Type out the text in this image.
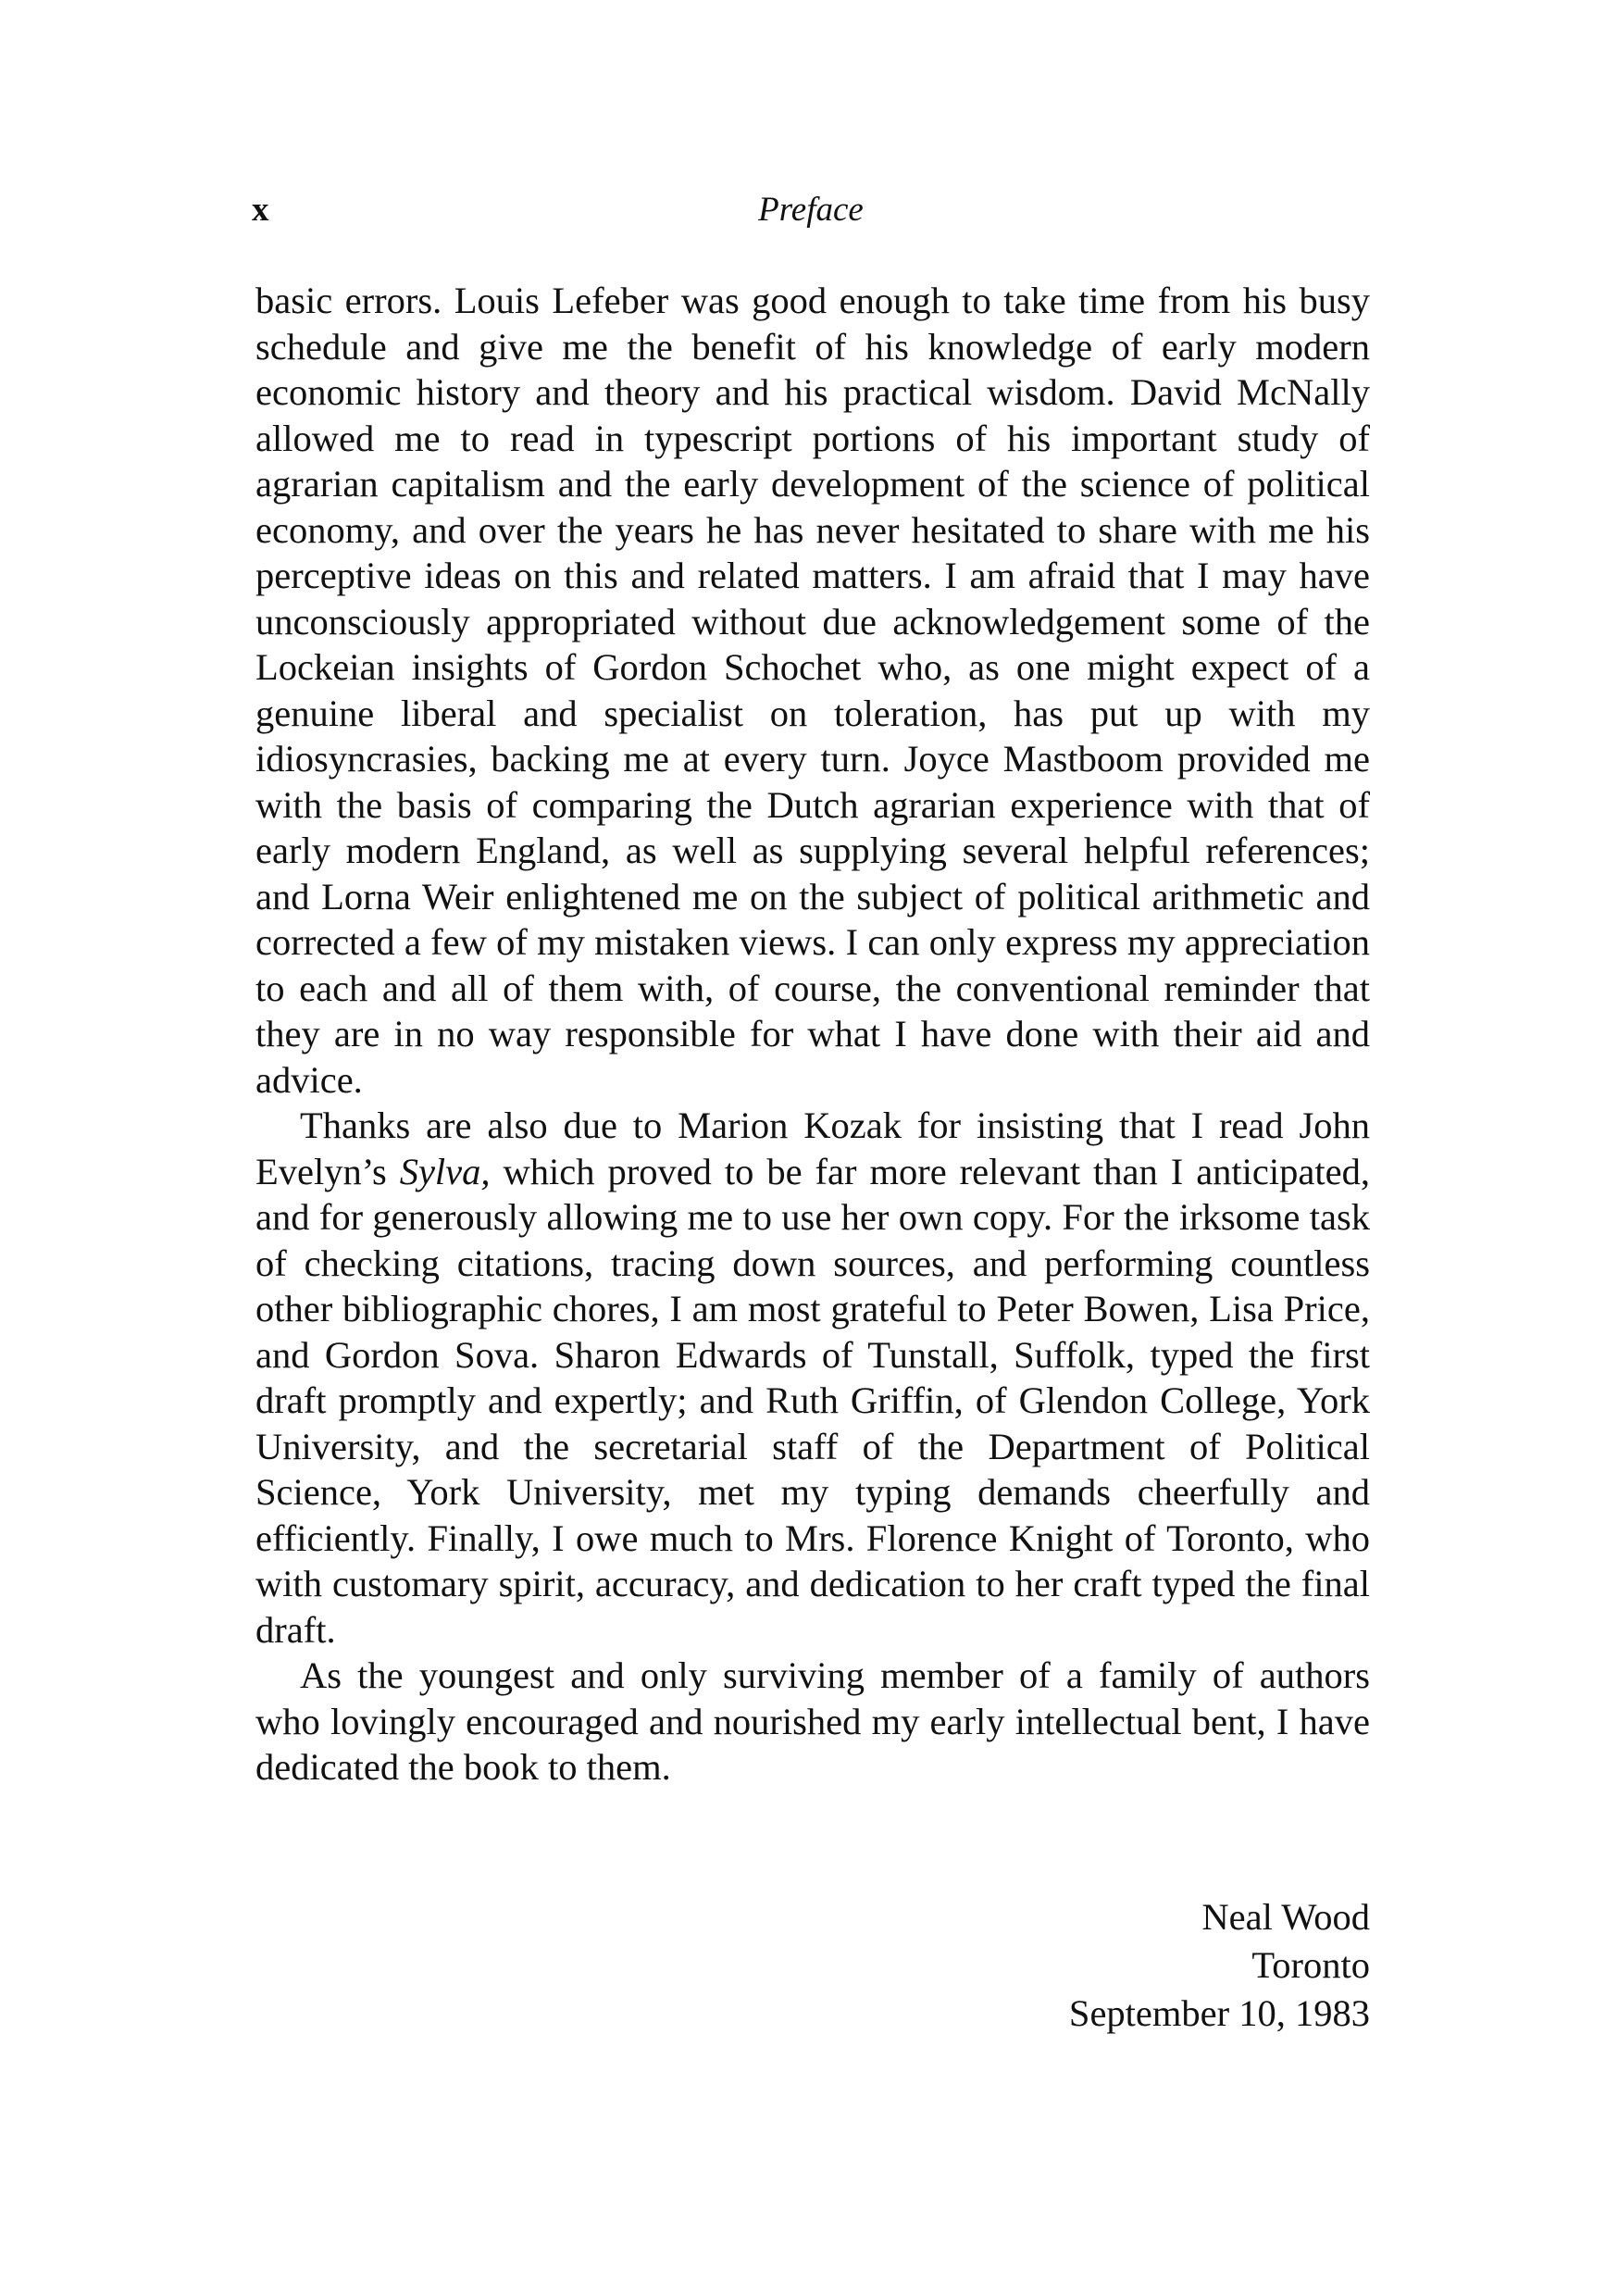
x	Preface

basic errors. Louis Lefeber was good enough to take time from his busy schedule and give me the benefit of his knowledge of early modern economic history and theory and his practical wisdom. David McNally allowed me to read in typescript portions of his important study of agrarian capitalism and the early development of the science of political economy, and over the years he has never hesitated to share with me his perceptive ideas on this and related matters. I am afraid that I may have unconsciously appropriated without due acknowledgement some of the Lockeian insights of Gordon Schochet who, as one might expect of a genuine liberal and specialist on toleration, has put up with my idiosyncrasies, backing me at every turn. Joyce Mastboom provided me with the basis of comparing the Dutch agrarian experience with that of early modern England, as well as supplying several helpful references; and Lorna Weir enlightened me on the subject of political arithmetic and corrected a few of my mistaken views. I can only express my appreciation to each and all of them with, of course, the conventional reminder that they are in no way responsible for what I have done with their aid and advice.

Thanks are also due to Marion Kozak for insisting that I read John Evelyn’s Sylva, which proved to be far more relevant than I anticipated, and for generously allowing me to use her own copy. For the irksome task of checking citations, tracing down sources, and performing countless other bibliographic chores, I am most grateful to Peter Bowen, Lisa Price, and Gordon Sova. Sharon Edwards of Tunstall, Suffolk, typed the first draft promptly and expertly; and Ruth Griffin, of Glendon College, York University, and the secretarial staff of the Department of Political Science, York University, met my typing demands cheerfully and efficiently. Finally, I owe much to Mrs. Florence Knight of Toronto, who with customary spirit, accuracy, and dedication to her craft typed the final draft.

As the youngest and only surviving member of a family of authors who lovingly encouraged and nourished my early intellectual bent, I have dedicated the book to them.

Neal Wood
Toronto
September 10, 1983
